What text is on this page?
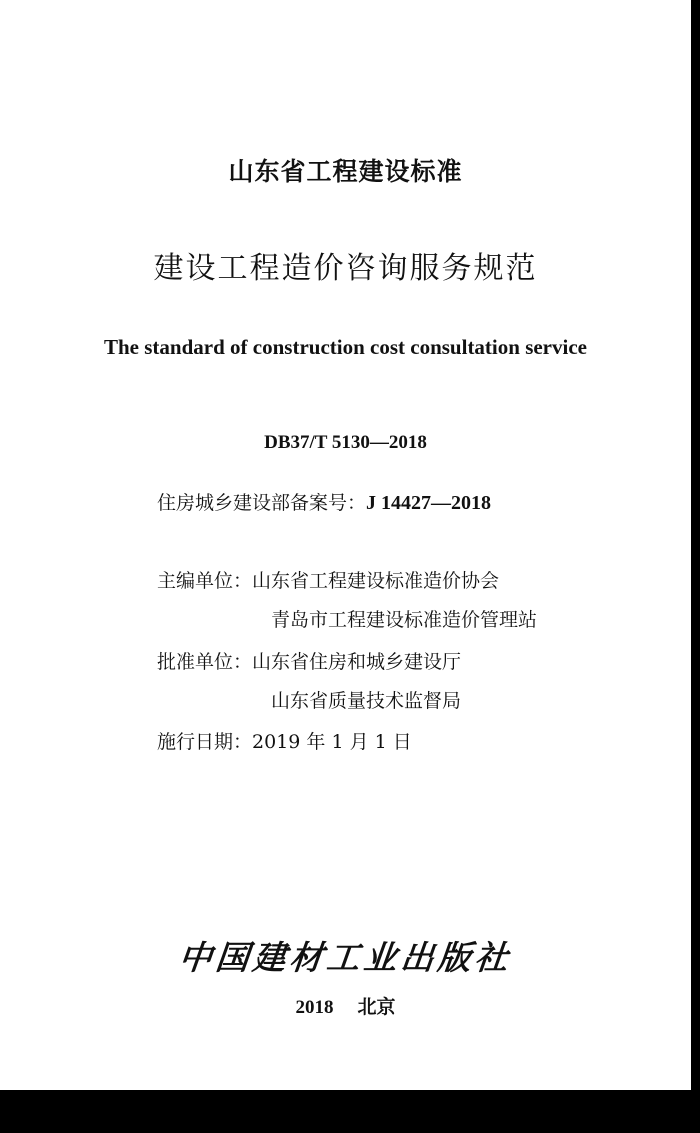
山东省工程建设标准
建设工程造价咨询服务规范
The standard of construction cost consultation service
DB37/T 5130—2018
住房城乡建设部备案号：J 14427—2018
主编单位：山东省工程建设标准造价协会
青岛市工程建设标准造价管理站
批准单位：山东省住房和城乡建设厅
山东省质量技术监督局
施行日期：2019 年 1 月 1 日
中国建材工业出版社
2018 北京
